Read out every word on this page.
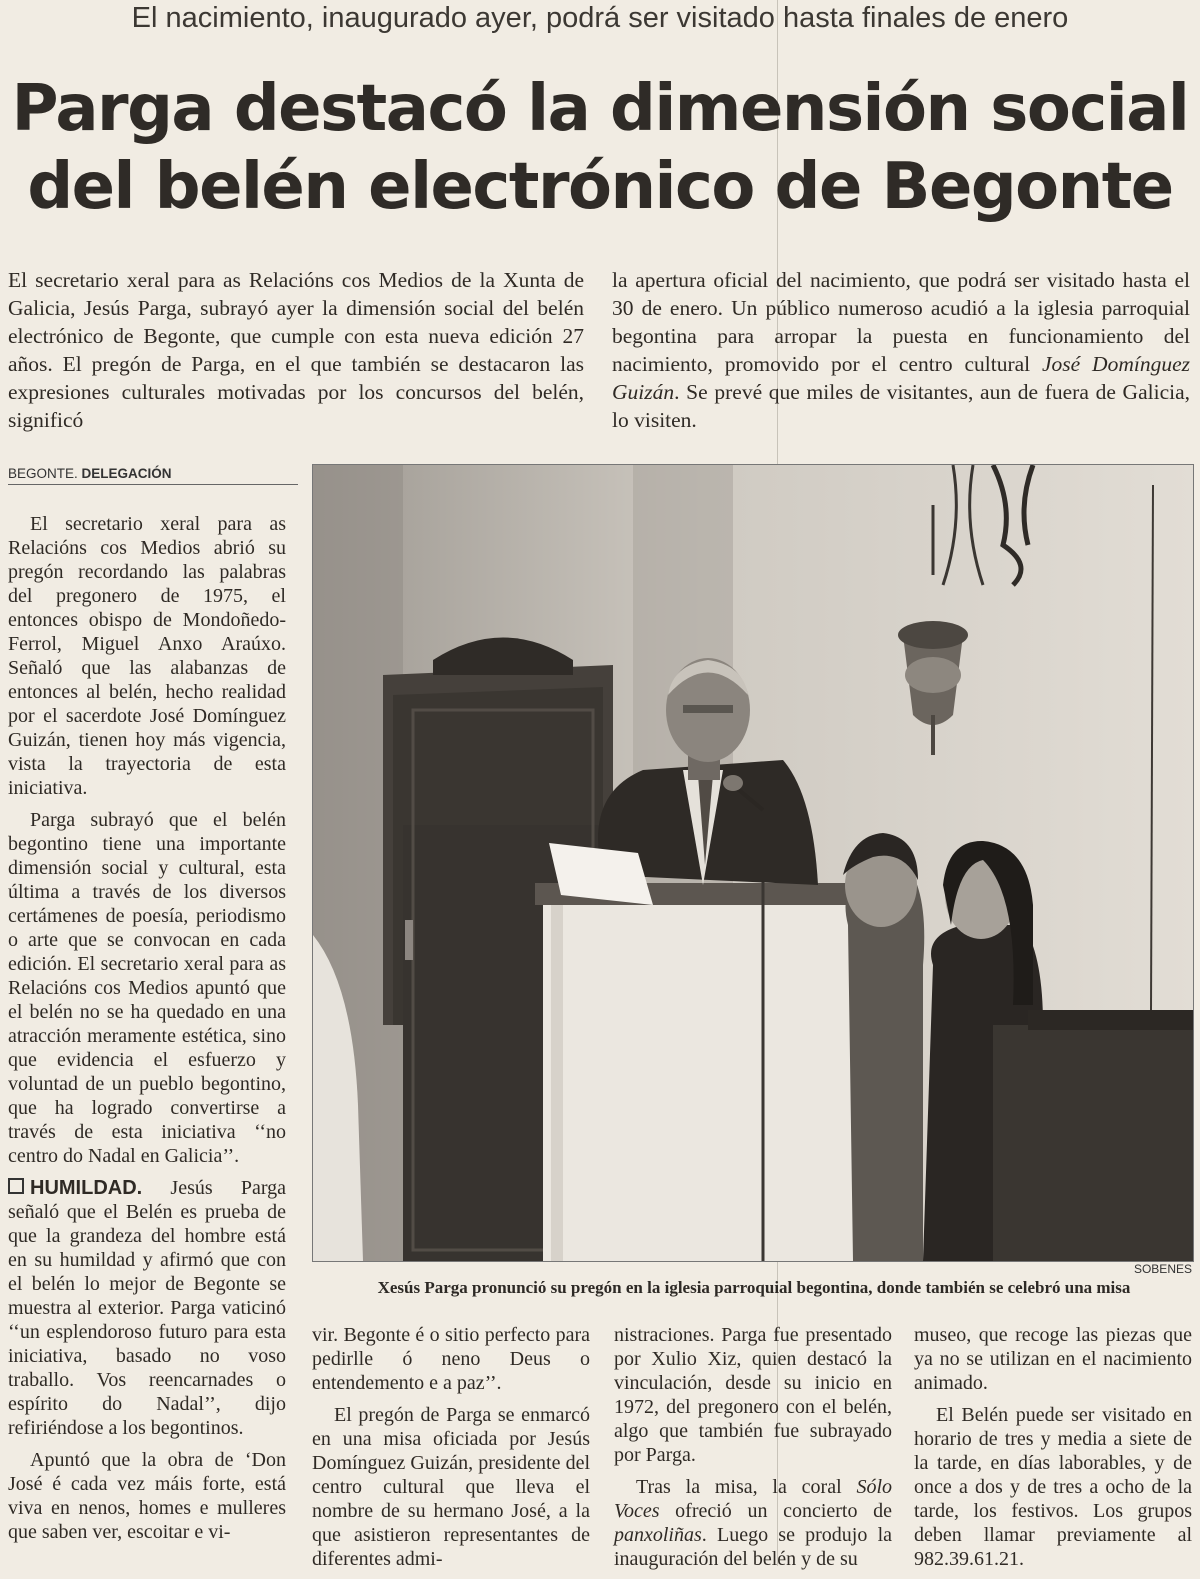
El nacimiento, inaugurado ayer, podrá ser visitado hasta finales de enero
Parga destacó la dimensión social
del belén electrónico de Begonte
El secretario xeral para as Relacións cos Medios de la Xunta de Galicia, Jesús Parga, subrayó ayer la dimensión social del belén electrónico de Begonte, que cumple con esta nueva edición 27 años. El pregón de Parga, en el que también se destacaron las expresiones culturales motivadas por los concursos del belén, significó
la apertura oficial del nacimiento, que podrá ser visitado hasta el 30 de enero. Un público numeroso acudió a la iglesia parroquial begontina para arropar la puesta en funcionamiento del nacimiento, promovido por el centro cultural José Domínguez Guizán. Se prevé que miles de visitantes, aun de fuera de Galicia, lo visiten.
BEGONTE. DELEGACIÓN

El secretario xeral para as Relacións cos Medios abrió su pregón recordando las palabras del pregonero de 1975, el entonces obispo de Mondoñedo-Ferrol, Miguel Anxo Araúxo. Señaló que las alabanzas de entonces al belén, hecho realidad por el sacerdote José Domínguez Guizán, tienen hoy más vigencia, vista la trayectoria de esta iniciativa.

Parga subrayó que el belén begontino tiene una importante dimensión social y cultural, esta última a través de los diversos certámenes de poesía, periodismo o arte que se convocan en cada edición. El secretario xeral para as Relacións cos Medios apuntó que el belén no se ha quedado en una atracción meramente estética, sino que evidencia el esfuerzo y voluntad de un pueblo begontino, que ha logrado convertirse a través de esta iniciativa ‘‘no centro do Nadal en Galicia’’.

HUMILDAD. Jesús Parga señaló que el Belén es prueba de que la grandeza del hombre está en su humildad y afirmó que con el belén lo mejor de Begonte se muestra al exterior. Parga vaticinó ‘‘un esplendoroso futuro para esta iniciativa, basado no voso traballo. Vos reencarnades o espírito do Nadal’’, dijo refiriéndose a los begontinos.

Apuntó que la obra de ‘Don José é cada vez máis forte, está viva en nenos, homes e mulleres que saben ver, escoitar e vi-

SOBENES
Xesús Parga pronunció su pregón en la iglesia parroquial begontina, donde también se celebró una misa

vir. Begonte é o sitio perfecto para pedirlle ó neno Deus o entendemento e a paz’’.

El pregón de Parga se enmarcó en una misa oficiada por Jesús Domínguez Guizán, presidente del centro cultural que lleva el nombre de su hermano José, a la que asistieron representantes de diferentes admi-

nistraciones. Parga fue presentado por Xulio Xiz, quien destacó la vinculación, desde su inicio en 1972, del pregonero con el belén, algo que también fue subrayado por Parga.

Tras la misa, la coral Sólo Voces ofreció un concierto de panxoliñas. Luego se produjo la inauguración del belén y de su

museo, que recoge las piezas que ya no se utilizan en el nacimiento animado.

El Belén puede ser visitado en horario de tres y media a siete de la tarde, en días laborables, y de once a dos y de tres a ocho de la tarde, los festivos. Los grupos deben llamar previamente al 982.39.61.21.
